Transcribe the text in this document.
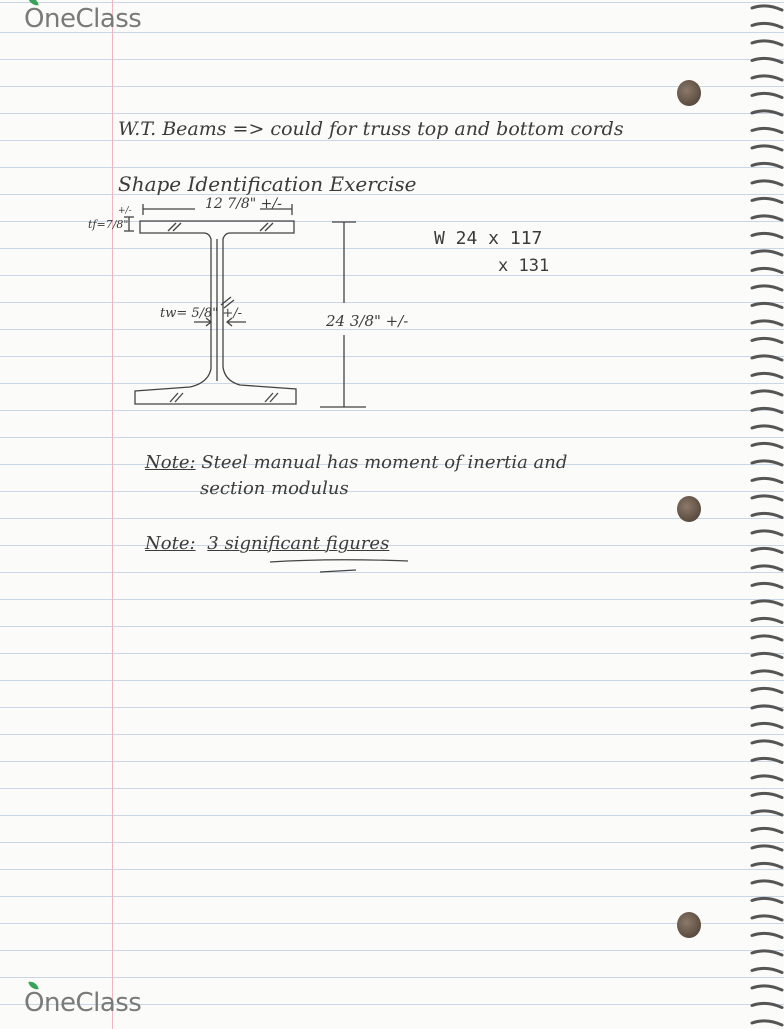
O
neClass
W.T. Beams => could for truss top and bottom cords
Shape Identification Exercise
12 7/8" +/-
tf=7/8"
+/-
tw= 5/8" +/-	24 3/8" +/-
W 24 x 117
x 131
Note: Steel manual has moment of inertia and
section modulus
Note: 3 significant figures
O
neClass
